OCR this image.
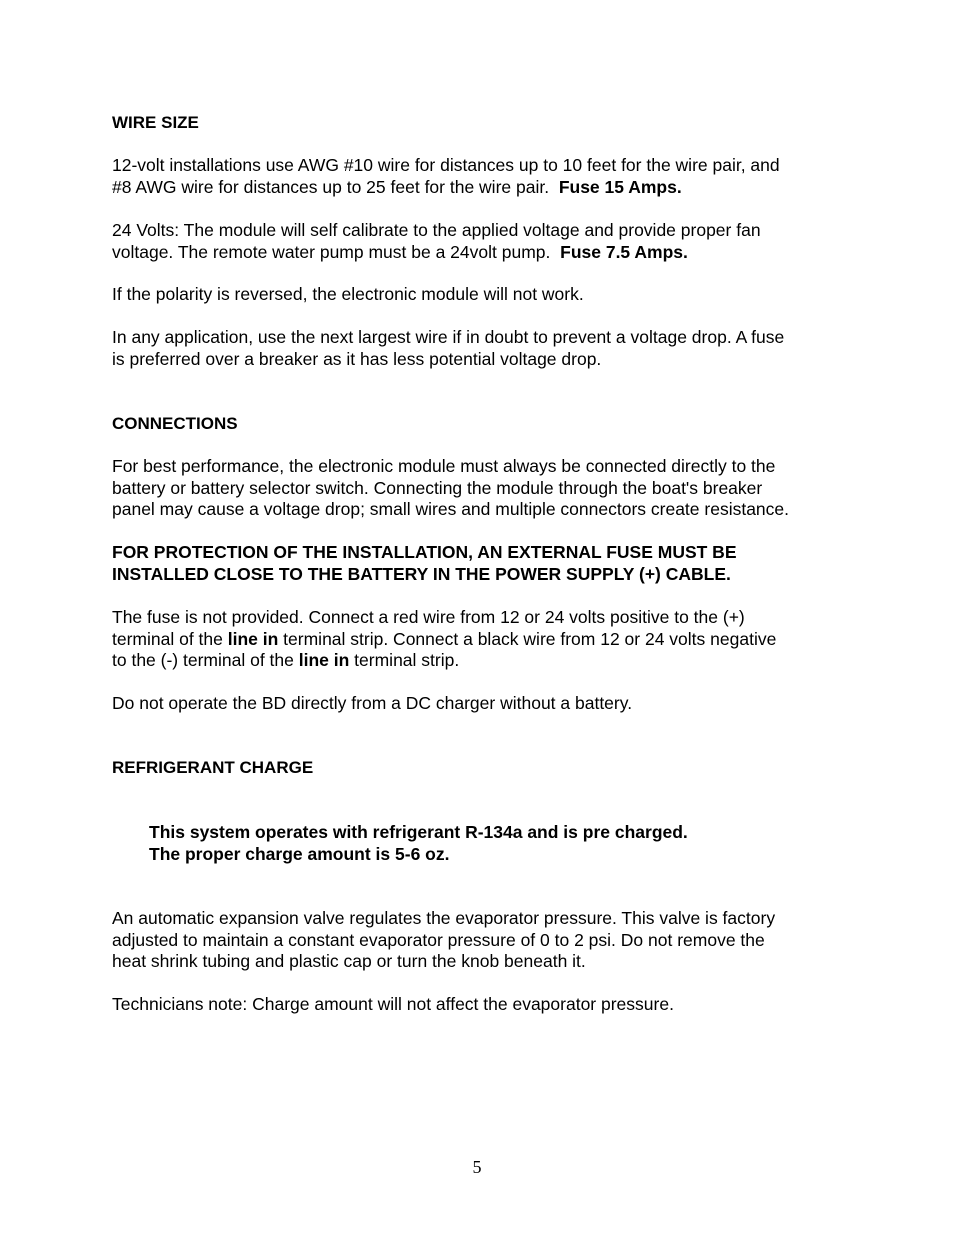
WIRE SIZE
12-volt installations use AWG #10 wire for distances up to 10 feet for the wire pair, and
#8 AWG wire for distances up to 25 feet for the wire pair. Fuse 15 Amps.
24 Volts: The module will self calibrate to the applied voltage and provide proper fan
voltage. The remote water pump must be a 24volt pump. Fuse 7.5 Amps.
If the polarity is reversed, the electronic module will not work.
In any application, use the next largest wire if in doubt to prevent a voltage drop. A fuse
is preferred over a breaker as it has less potential voltage drop.
CONNECTIONS
For best performance, the electronic module must always be connected directly to the
battery or battery selector switch. Connecting the module through the boat's breaker
panel may cause a voltage drop; small wires and multiple connectors create resistance.
FOR PROTECTION OF THE INSTALLATION, AN EXTERNAL FUSE MUST BE
INSTALLED CLOSE TO THE BATTERY IN THE POWER SUPPLY (+) CABLE.
The fuse is not provided. Connect a red wire from 12 or 24 volts positive to the (+)
terminal of the line in terminal strip. Connect a black wire from 12 or 24 volts negative
to the (-) terminal of the line in terminal strip.
Do not operate the BD directly from a DC charger without a battery.
REFRIGERANT CHARGE
This system operates with refrigerant R-134a and is pre charged.
The proper charge amount is 5-6 oz.
An automatic expansion valve regulates the evaporator pressure. This valve is factory
adjusted to maintain a constant evaporator pressure of 0 to 2 psi. Do not remove the
heat shrink tubing and plastic cap or turn the knob beneath it.
Technicians note: Charge amount will not affect the evaporator pressure.
5
